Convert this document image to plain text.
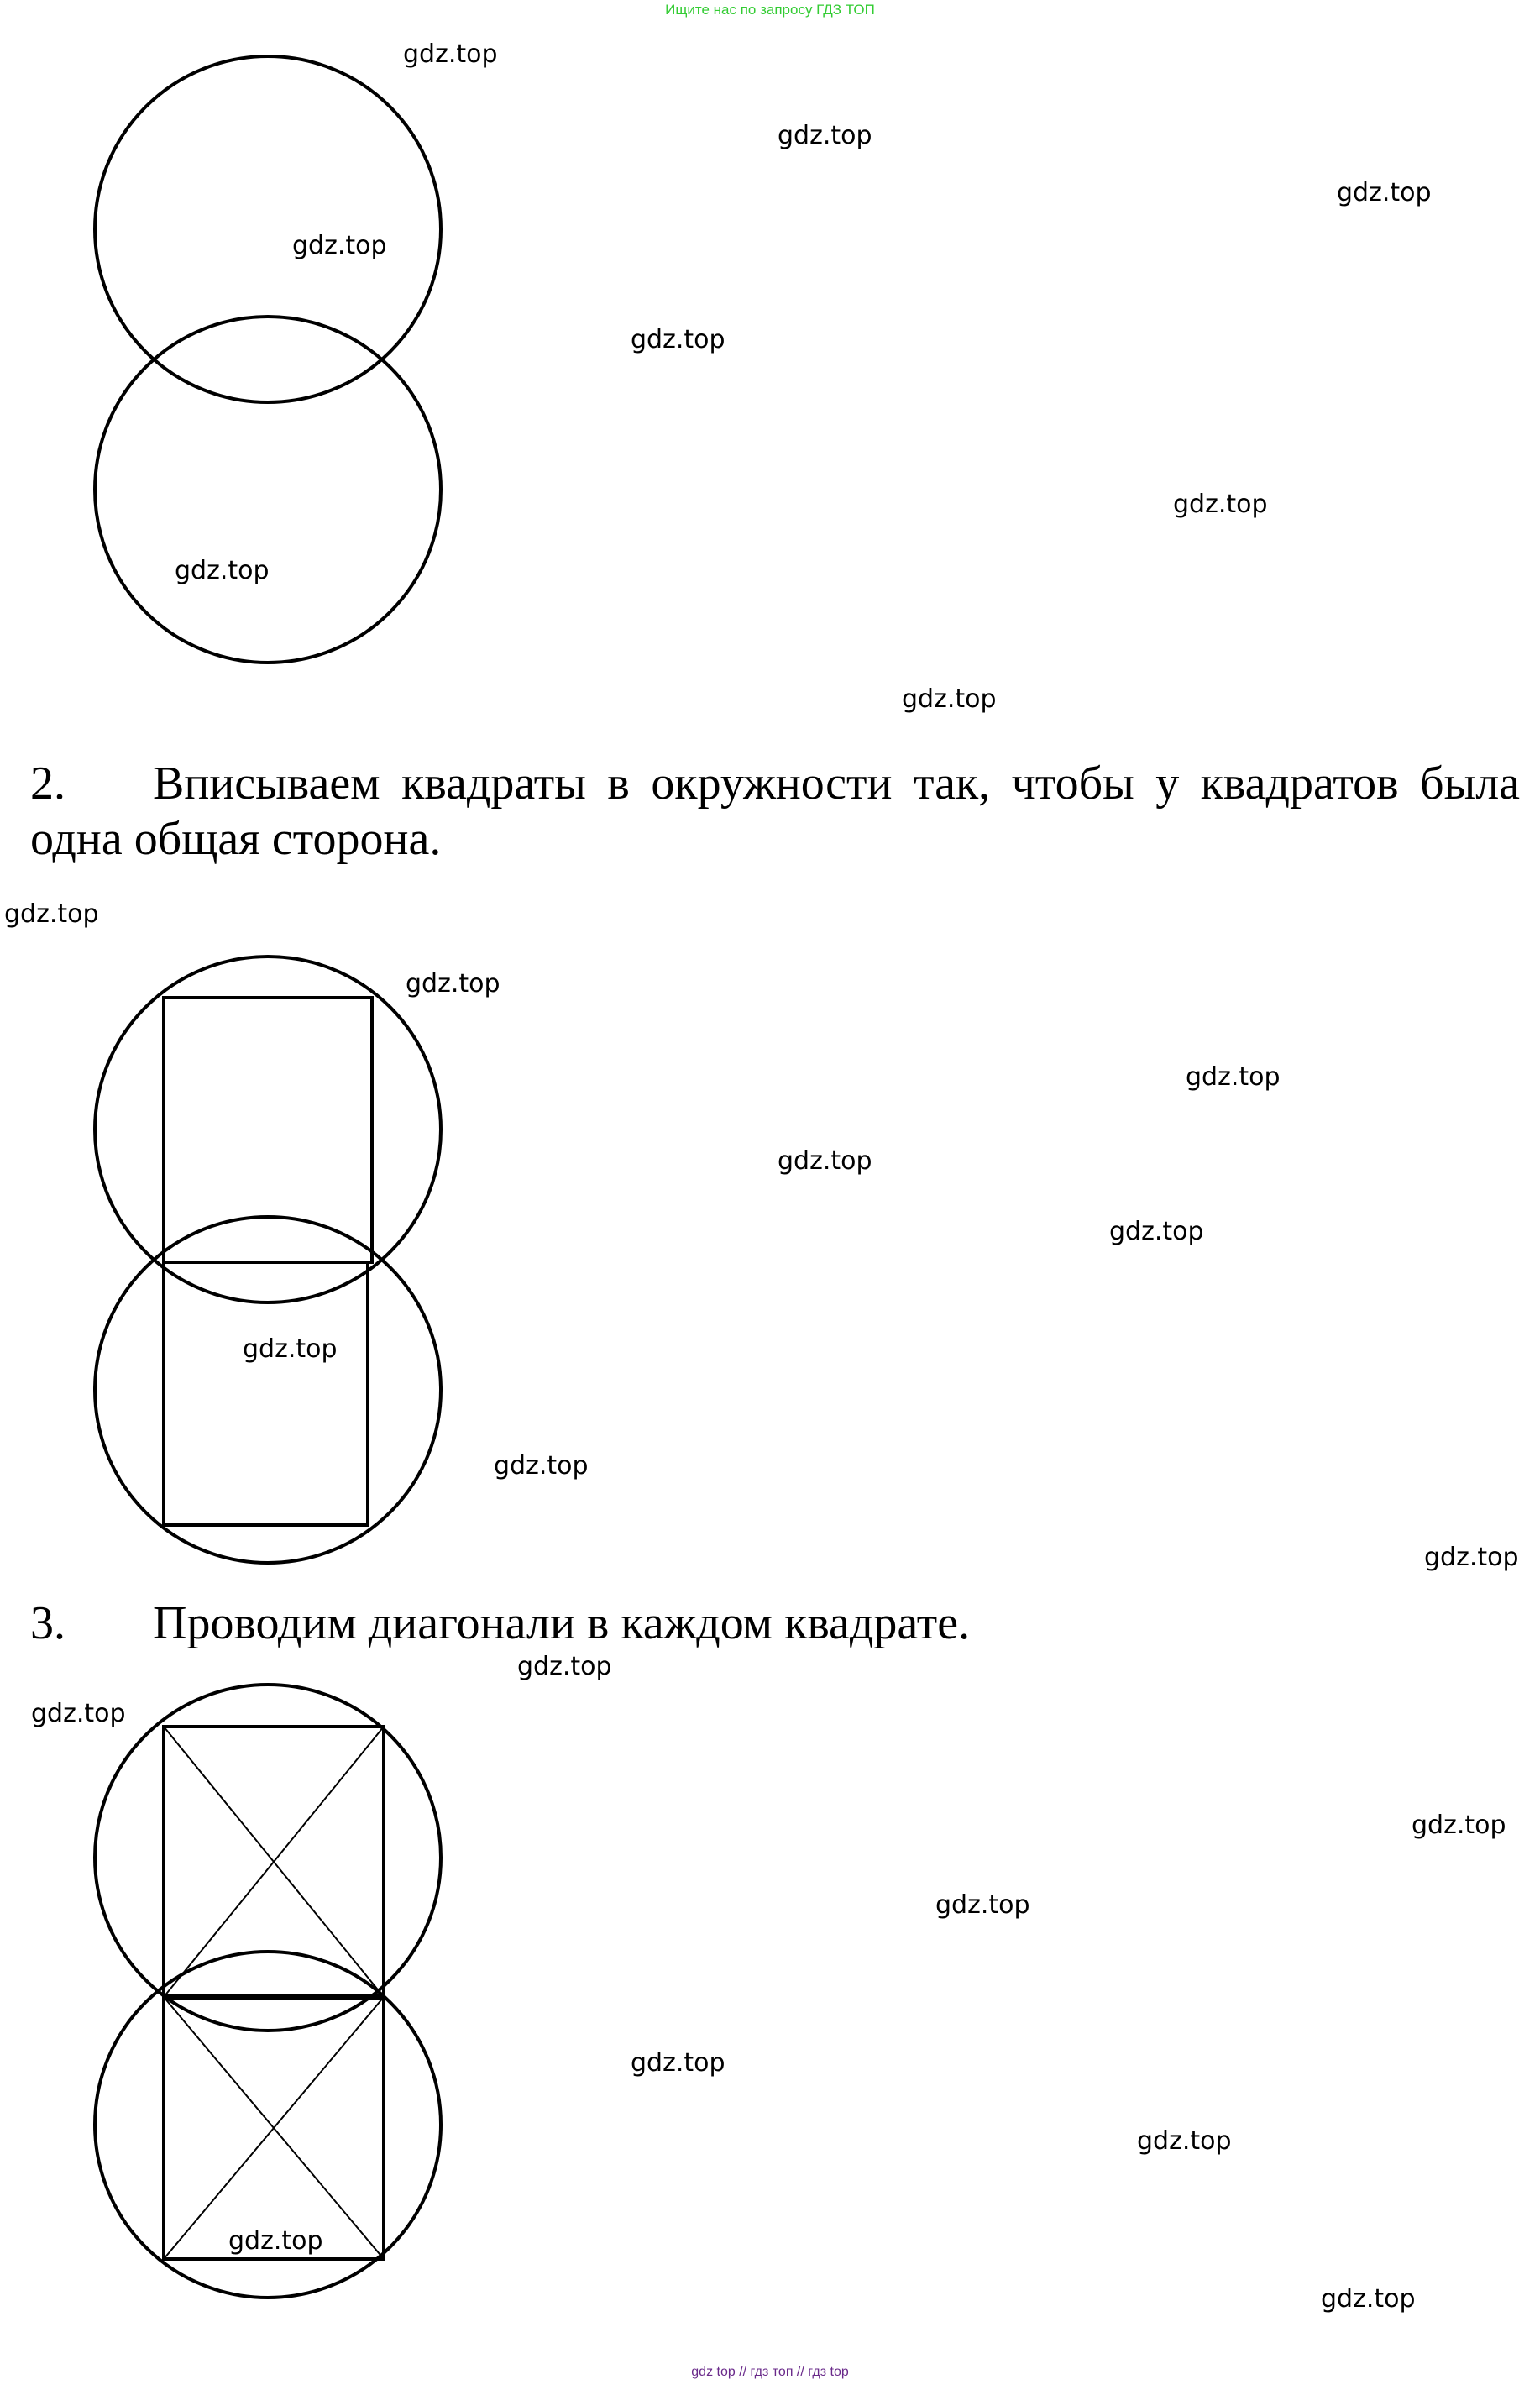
Ищите нас по запросу ГДЗ ТОП
2. Вписываем квадраты в окружности так, чтобы у квадратов была одна общая сторона.
3. Проводим диагонали в каждом квадрате.
gdz.top
gdz.top
gdz.top
gdz.top
gdz.top
gdz.top
gdz.top
gdz.top
gdz.top
gdz.top
gdz.top
gdz.top
gdz.top
gdz.top
gdz.top
gdz.top
gdz.top
gdz.top
gdz.top
gdz.top
gdz.top
gdz.top
gdz.top
gdz.top
gdz top // гдз топ // гдз top
